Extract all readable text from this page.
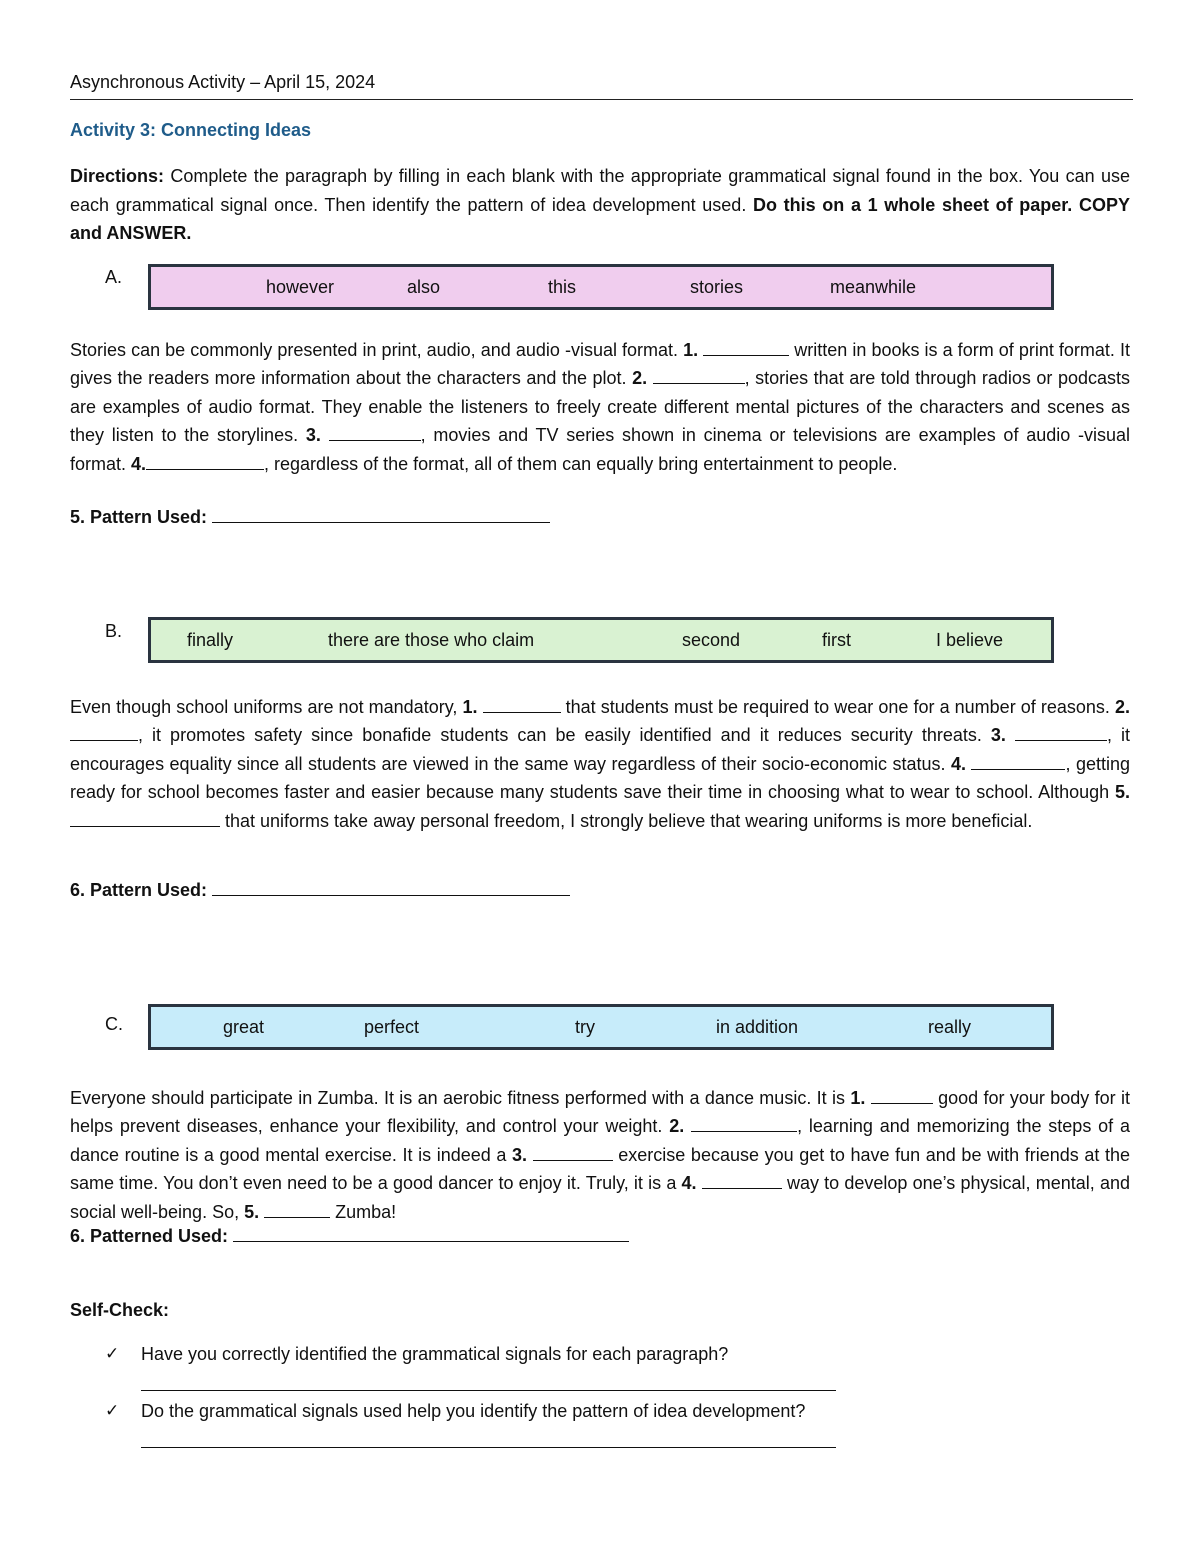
Asynchronous Activity – April 15, 2024
Activity 3: Connecting Ideas
Directions: Complete the paragraph by filling in each blank with the appropriate grammatical signal found in the box. You can use each grammatical signal once. Then identify the pattern of idea development used. Do this on a 1 whole sheet of paper. COPY and ANSWER.
A.	however	also	this	stories	meanwhile
Stories can be commonly presented in print, audio, and audio -visual format. 1.	written in books is a form of print format. It gives the readers more information about the characters and the plot. 2.	, stories that are told through radios or podcasts are examples of audio format. They enable the listeners to freely create different mental pictures of the characters and scenes as they listen to the storylines. 3.	, movies and TV series shown in cinema or televisions are examples of audio -visual format. 4.	, regardless of the format, all of them can equally bring entertainment to people.
5. Pattern Used:
B.	finally	there are those who claim	second	first	I believe
Even though school uniforms are not mandatory, 1.	that students must be required to wear one for a number of reasons. 2. , it promotes safety since bonafide students can be easily identified and it reduces security threats. 3.	, it encourages equality since all students are viewed in the same way regardless of their socio-economic status. 4.	, getting ready for school becomes faster and easier because many students save their time in choosing what to wear to school. Although 5. that uniforms take away personal freedom, I strongly believe that wearing uniforms is more beneficial.
6. Pattern Used:
C.	great	perfect	try	in addition	really
Everyone should participate in Zumba. It is an aerobic fitness performed with a dance music. It is 1.	good for your body for it helps prevent diseases, enhance your flexibility, and control your weight. 2.	, learning and memorizing the steps of a dance routine is a good mental exercise. It is indeed a 3.	exercise because you get to have fun and be with friends at the same time. You don’t even need to be a good dancer to enjoy it. Truly, it is a 4.	way to develop one’s physical, mental, and social well-being. So, 5.	Zumba!
6. Patterned Used:
Self-Check:
✓ Have you correctly identified the grammatical signals for each paragraph?
✓ Do the grammatical signals used help you identify the pattern of idea development?
